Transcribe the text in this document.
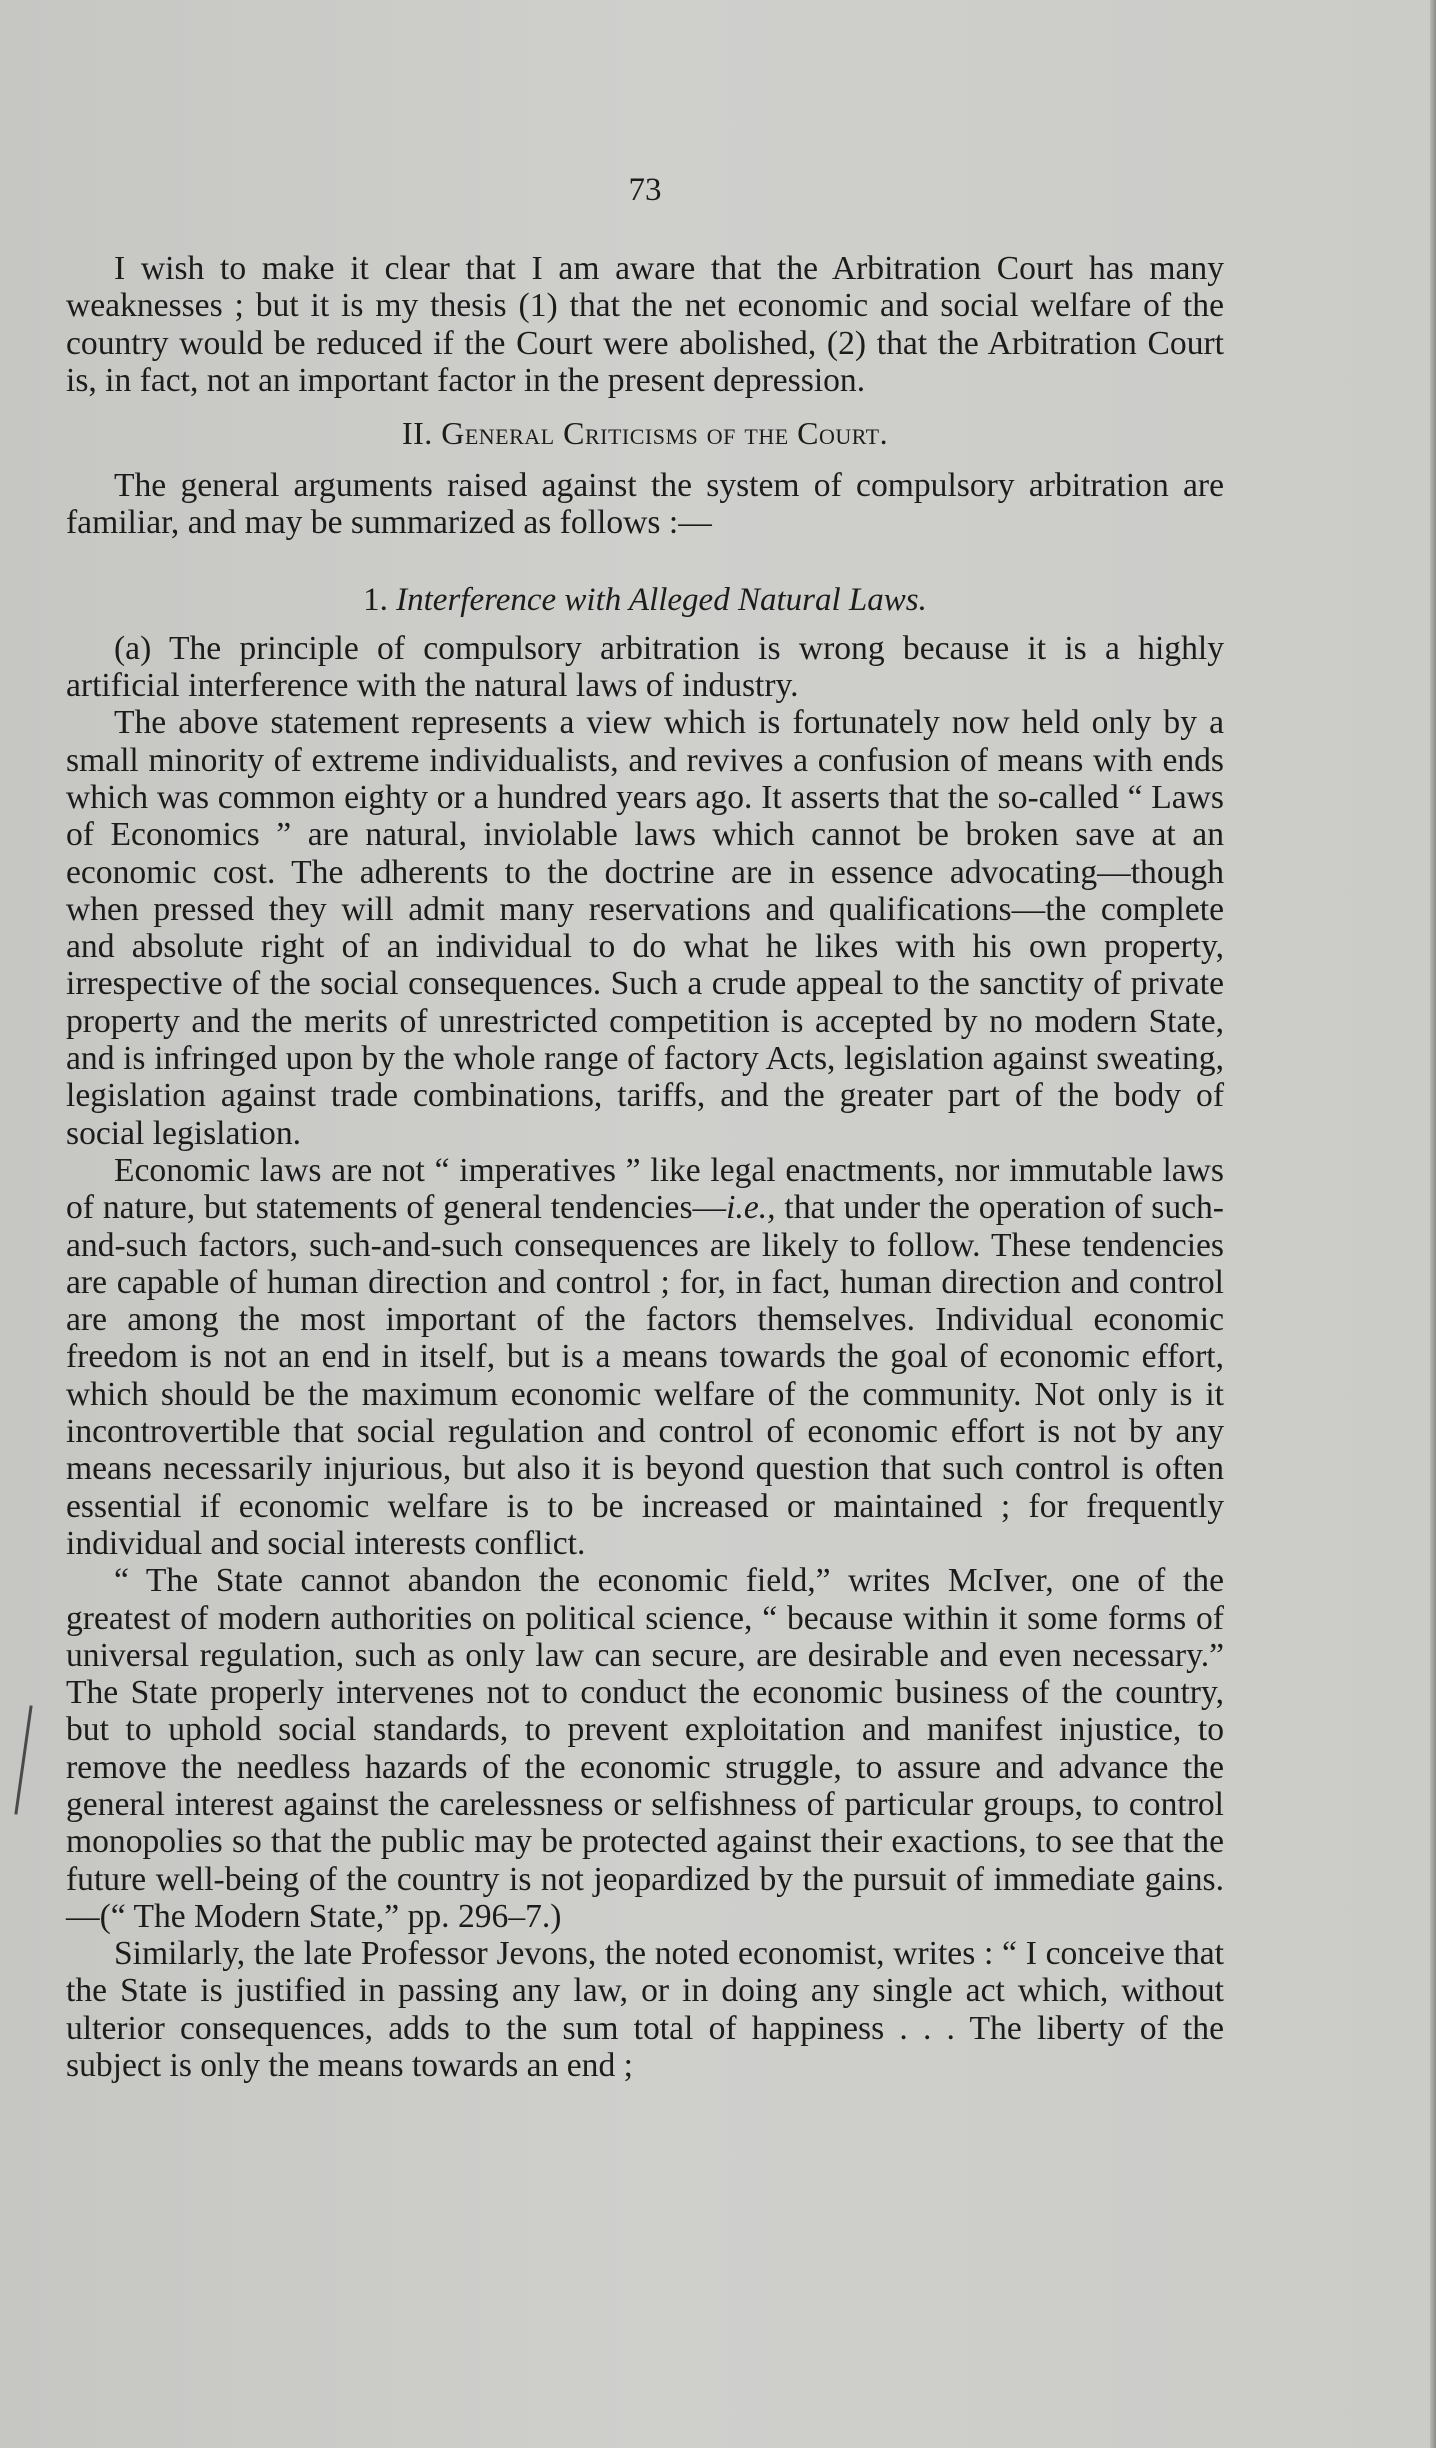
73

I wish to make it clear that I am aware that the Arbitration Court has many weaknesses ; but it is my thesis (1) that the net economic and social welfare of the country would be reduced if the Court were abolished, (2) that the Arbitration Court is, in fact, not an important factor in the present depression.

II. General Criticisms of the Court.

The general arguments raised against the system of compulsory arbitration are familiar, and may be summarized as follows :—

1. Interference with Alleged Natural Laws.

(a) The principle of compulsory arbitration is wrong because it is a highly artificial interference with the natural laws of industry.

The above statement represents a view which is fortunately now held only by a small minority of extreme individualists, and revives a confusion of means with ends which was common eighty or a hundred years ago. It asserts that the so-called “ Laws of Economics ” are natural, inviolable laws which cannot be broken save at an economic cost. The adherents to the doctrine are in essence advocating—though when pressed they will admit many reservations and qualifications—the complete and absolute right of an individual to do what he likes with his own property, irrespective of the social consequences. Such a crude appeal to the sanctity of private property and the merits of unrestricted competition is accepted by no modern State, and is infringed upon by the whole range of factory Acts, legislation against sweating, legislation against trade combinations, tariffs, and the greater part of the body of social legislation.

Economic laws are not “ imperatives ” like legal enactments, nor immutable laws of nature, but statements of general tendencies—i.e., that under the operation of such-and-such factors, such-and-such consequences are likely to follow. These tendencies are capable of human direction and control ; for, in fact, human direction and control are among the most important of the factors themselves. Individual economic freedom is not an end in itself, but is a means towards the goal of economic effort, which should be the maximum economic welfare of the community. Not only is it incontrovertible that social regulation and control of economic effort is not by any means necessarily injurious, but also it is beyond question that such control is often essential if economic welfare is to be increased or maintained ; for frequently individual and social interests conflict.

“ The State cannot abandon the economic field,” writes McIver, one of the greatest of modern authorities on political science, “ because within it some forms of universal regulation, such as only law can secure, are desirable and even necessary.” The State properly intervenes not to conduct the economic business of the country, but to uphold social standards, to prevent exploitation and manifest injustice, to remove the needless hazards of the economic struggle, to assure and advance the general interest against the carelessness or selfishness of particular groups, to control monopolies so that the public may be protected against their exactions, to see that the future well-being of the country is not jeopardized by the pursuit of immediate gains.—(“ The Modern State,” pp. 296–7.)

Similarly, the late Professor Jevons, the noted economist, writes : “ I conceive that the State is justified in passing any law, or in doing any single act which, without ulterior consequences, adds to the sum total of happiness . . . The liberty of the subject is only the means towards an end ;
